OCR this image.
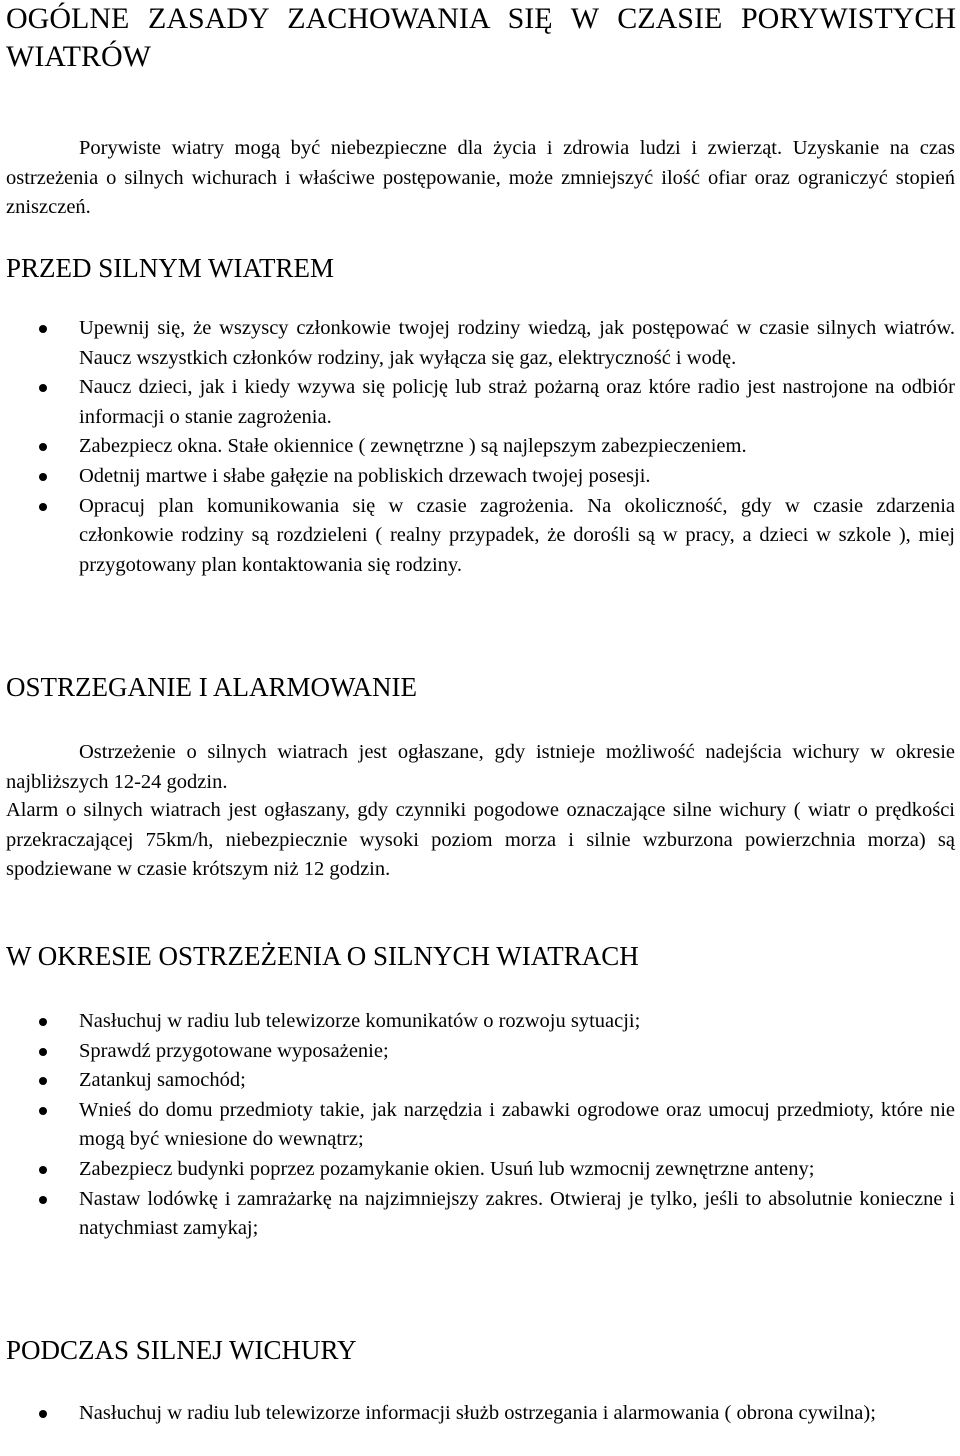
OGÓLNE ZASADY ZACHOWANIA SIĘ W CZASIE PORYWISTYCH WIATRÓW

Porywiste wiatry mogą być niebezpieczne dla życia i zdrowia ludzi i zwierząt. Uzyskanie na czas ostrzeżenia o silnych wichurach i właściwe postępowanie, może zmniejszyć ilość ofiar oraz ograniczyć stopień zniszczeń.

PRZED SILNYM WIATREM
Upewnij się, że wszyscy członkowie twojej rodziny wiedzą, jak postępować w czasie silnych wiatrów. Naucz wszystkich członków rodziny, jak wyłącza się gaz, elektryczność i wodę.
Naucz dzieci, jak i kiedy wzywa się policję lub straż pożarną oraz które radio jest nastrojone na odbiór informacji o stanie zagrożenia.
Zabezpiecz okna. Stałe okiennice ( zewnętrzne ) są najlepszym zabezpieczeniem.
Odetnij martwe i słabe gałęzie na pobliskich drzewach twojej posesji.
Opracuj plan komunikowania się w czasie zagrożenia. Na okoliczność, gdy w czasie zdarzenia członkowie rodziny są rozdzieleni ( realny przypadek, że dorośli są w pracy, a dzieci w szkole ), miej przygotowany plan kontaktowania się rodziny.
OSTRZEGANIE I ALARMOWANIE

Ostrzeżenie o silnych wiatrach jest ogłaszane, gdy istnieje możliwość nadejścia wichury w okresie najbliższych 12-24 godzin.

Alarm o silnych wiatrach jest ogłaszany, gdy czynniki pogodowe oznaczające silne wichury ( wiatr o prędkości przekraczającej 75km/h, niebezpiecznie wysoki poziom morza i silnie wzburzona powierzchnia morza) są spodziewane w czasie krótszym niż 12 godzin.

W OKRESIE OSTRZEŻENIA O SILNYCH WIATRACH
Nasłuchuj w radiu lub telewizorze komunikatów o rozwoju sytuacji;
Sprawdź przygotowane wyposażenie;
Zatankuj samochód;
Wnieś do domu przedmioty takie, jak narzędzia i zabawki ogrodowe oraz umocuj przedmioty, które nie mogą być wniesione do wewnątrz;
Zabezpiecz budynki poprzez pozamykanie okien. Usuń lub wzmocnij zewnętrzne anteny;
Nastaw lodówkę i zamrażarkę na najzimniejszy zakres. Otwieraj je tylko, jeśli to absolutnie konieczne i natychmiast zamykaj;
PODCZAS SILNEJ WICHURY
Nasłuchuj w radiu lub telewizorze informacji służb ostrzegania i alarmowania ( obrona cywilna);
